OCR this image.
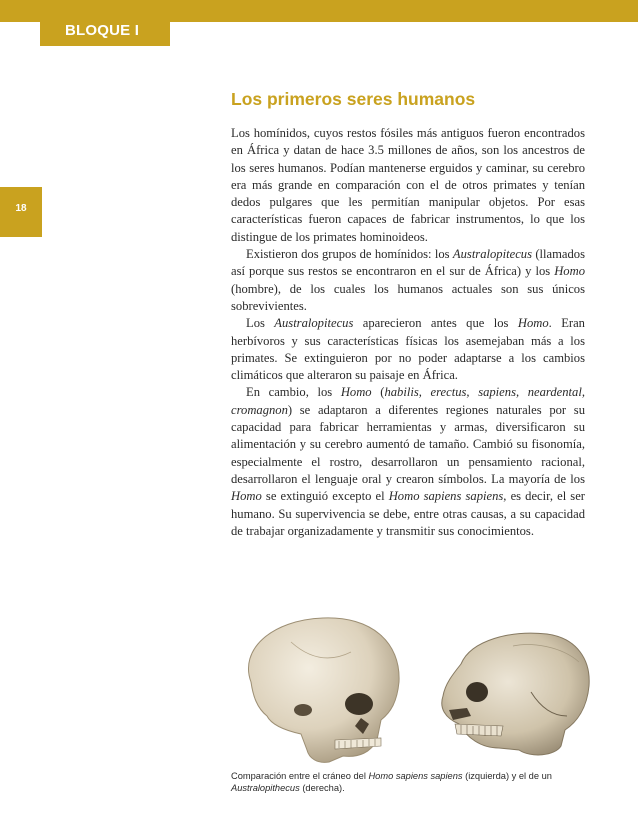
BLOQUE I
18
Los primeros seres humanos

Los homínidos, cuyos restos fósiles más antiguos fueron encontrados en África y datan de hace 3.5 millones de años, son los ancestros de los seres humanos. Podían mantenerse erguidos y caminar, su cerebro era más grande en comparación con el de otros primates y tenían dedos pulgares que les permitían manipular objetos. Por esas características fueron capaces de fabricar instrumentos, lo que los distingue de los primates hominoideos.

Existieron dos grupos de homínidos: los Australopitecus (llamados así porque sus restos se encontraron en el sur de África) y los Homo (hombre), de los cuales los humanos actuales son sus únicos sobrevivientes.

Los Australopitecus aparecieron antes que los Homo. Eran herbívoros y sus características físicas los asemejaban más a los primates. Se extinguieron por no poder adaptarse a los cambios climáticos que alteraron su paisaje en África.

En cambio, los Homo (habilis, erectus, sapiens, neardental, cromagnon) se adaptaron a diferentes regiones naturales por su capacidad para fabricar herramientas y armas, diversificaron su alimentación y su cerebro aumentó de tamaño. Cambió su fisonomía, especialmente el rostro, desarrollaron un pensamiento racional, desarrollaron el lenguaje oral y crearon símbolos. La mayoría de los Homo se extinguió excepto el Homo sapiens sapiens, es decir, el ser humano. Su supervivencia se debe, entre otras causas, a su capacidad de trabajar organizadamente y transmitir sus conocimientos.

Comparación entre el cráneo del Homo sapiens sapiens (izquierda) y el de un Australopithecus (derecha).
